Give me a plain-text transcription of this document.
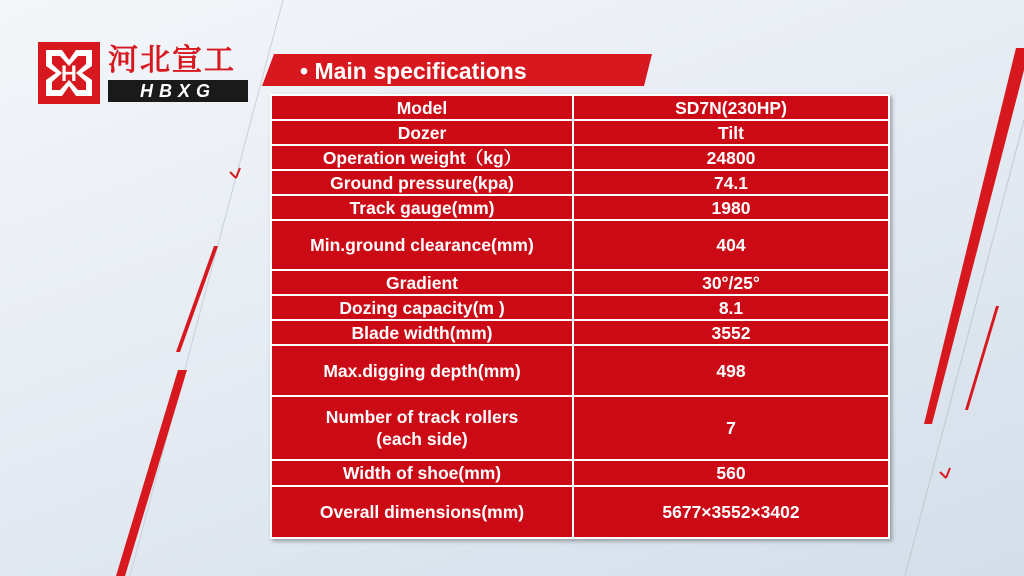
H 河北宣工
HBXG
• Main specifications
Model	SD7N(230HP)
Dozer	Tilt
Operation weight（kg）	24800
Ground pressure(kpa)	74.1
Track gauge(mm)	1980
Min.ground clearance(mm)	404
Gradient	30°/25°
Dozing capacity(m )	8.1
Blade width(mm)	3552
Max.digging depth(mm)	498

Number of track rollers
(each side)	7
Width of shoe(mm)	560
Overall dimensions(mm)	5677×3552×3402
